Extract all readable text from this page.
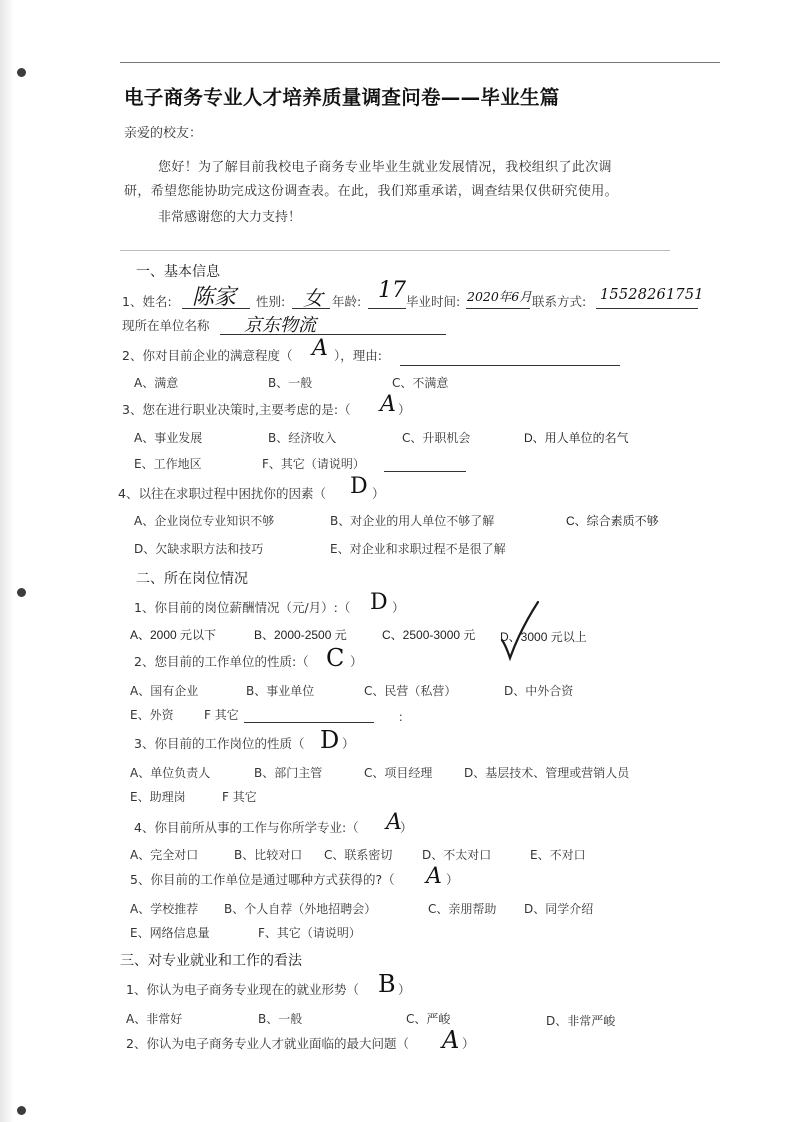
电子商务专业人才培养质量调查问卷——毕业生篇
亲爱的校友：
您好！为了解目前我校电子商务专业毕业生就业发展情况，我校组织了此次调
研，希望您能协助完成这份调查表。在此，我们郑重承诺，调查结果仅供研究使用。
非常感谢您的大力支持！
一、基本信息
1、姓名: 陈家 性别: 女 年龄: 17 毕业时间: 2020年6月 联系方式: 15528261751
现所在单位名称 京东物流
2、你对目前企业的满意程度（ A ），理由:
A、满意	B、一般	C、不满意
3、您在进行职业决策时,主要考虑的是:（ A ）
A、事业发展	B、经济收入	C、升职机会	D、用人单位的名气
E、工作地区	F、其它（请说明）
4、以往在求职过程中困扰你的因素（ D ）
A、企业岗位专业知识不够	B、对企业的用人单位不够了解	C、综合素质不够
D、欠缺求职方法和技巧	E、对企业和求职过程不是很了解
二、所在岗位情况
1、你目前的岗位薪酬情况（元/月）:（ D ）
A、2000 元以下	B、2000-2500 元	C、2500-3000 元 D、3000 元以上
2、您目前的工作单位的性质:（ C ）
A、国有企业	B、事业单位	C、民营（私营）	D、中外合资
E、外资	F 其它	：
3、你目前的工作岗位的性质（ D ）
A、单位负责人	B、部门主管	C、项目经理	D、基层技术、管理或营销人员
E、助理岗	F 其它
4、你目前所从事的工作与你所学专业:（ A
）
A、完全对口	B、比较对口 C、联系密切 D、不太对口	E、不对口
5、你目前的工作单位是通过哪种方式获得的?（ A ）
A、学校推荐 B、个人自荐（外地招聘会）	C、亲朋帮助 D、同学介绍
E、网络信息量	F、其它（请说明）
三、对专业就业和工作的看法
1、你认为电子商务专业现在的就业形势（ B ）
A、非常好	B、一般	C、严峻	D、非常严峻
2、你认为电子商务专业人才就业面临的最大问题（ A ）
